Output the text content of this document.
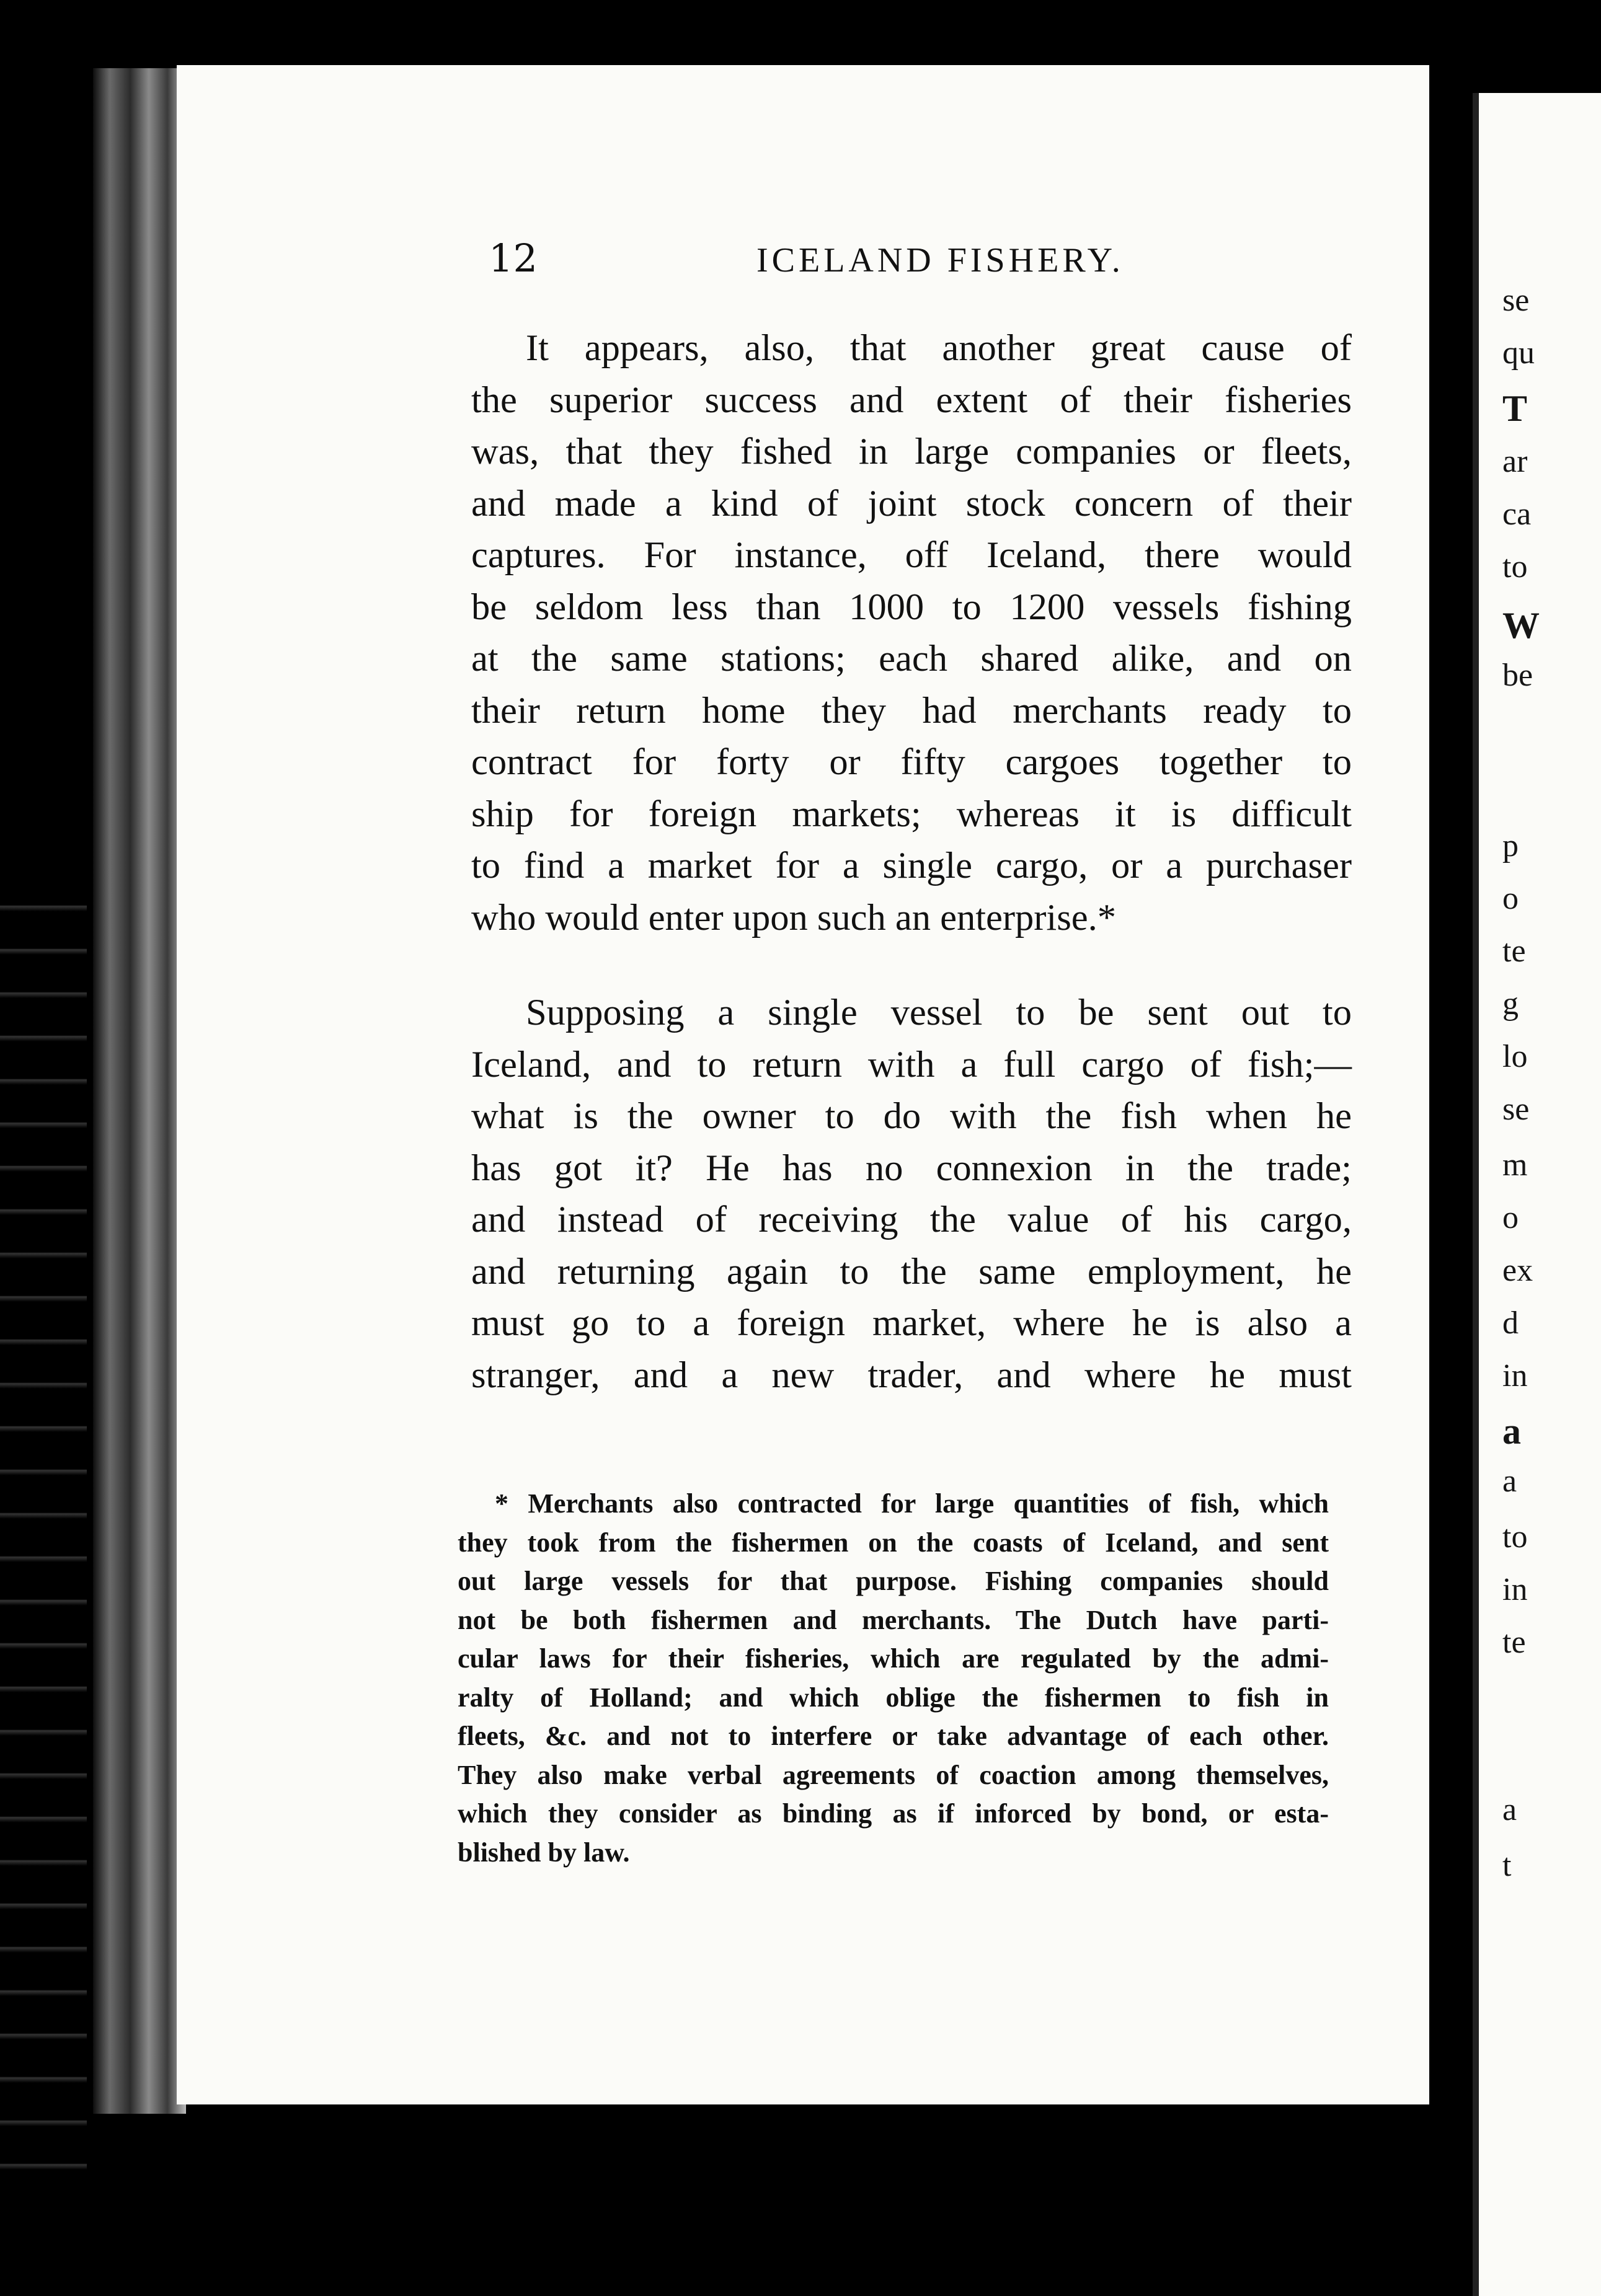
se
qu
T
ar
ca
to
W
be
p
o
te
g
lo
se
m
o
ex
d
in
a
a
to
in
te
a
t
12	ICELAND FISHERY.
It appears, also, that another great cause of
the superior success and extent of their fisheries
was, that they fished in large companies or fleets,
and made a kind of joint stock concern of their
captures. For instance, off Iceland, there would
be seldom less than 1000 to 1200 vessels fishing
at the same stations; each shared alike, and on
their return home they had merchants ready to
contract for forty or fifty cargoes together to
ship for foreign markets; whereas it is difficult
to find a market for a single cargo, or a purchaser
who would enter upon such an enterprise.*
Supposing a single vessel to be sent out to
Iceland, and to return with a full cargo of fish;—
what is the owner to do with the fish when he
has got it? He has no connexion in the trade;
and instead of receiving the value of his cargo,
and returning again to the same employment, he
must go to a foreign market, where he is also a
stranger, and a new trader, and where he must
* Merchants also contracted for large quantities of fish, which
they took from the fishermen on the coasts of Iceland, and sent
out large vessels for that purpose. Fishing companies should
not be both fishermen and merchants. The Dutch have parti-
cular laws for their fisheries, which are regulated by the admi-
ralty of Holland; and which oblige the fishermen to fish in
fleets, &c. and not to interfere or take advantage of each other.
They also make verbal agreements of coaction among themselves,
which they consider as binding as if inforced by bond, or esta-
blished by law.
